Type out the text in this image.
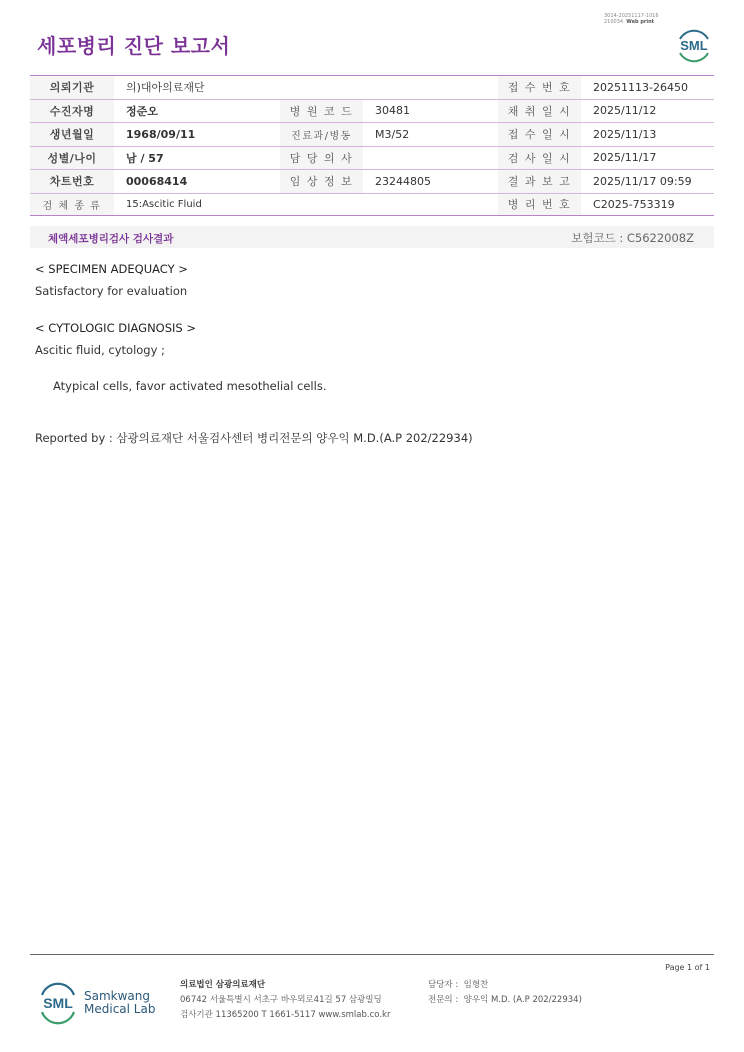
3014-20251117-1016
210034 Web print
세포병리 진단 보고서	SML
의뢰기관	의)대아의료재단			접 수 번 호	20251113-26450
수진자명	정준오	병 원 코 드	30481	채 취 일 시	2025/11/12
생년월일	1968/09/11	진료과/병동	M3/52	접 수 일 시	2025/11/13
성별/나이	남 / 57	담 당 의 사		검 사 일 시	2025/11/17
차트번호	00068414	임 상 정 보	23244805	결 과 보 고	2025/11/17 09:59
검 체 종 류	15:Ascitic Fluid			병 리 번 호	C2025-753319
체액세포병리검사 검사결과	보험코드 : C5622008Z
< SPECIMEN ADEQUACY >
Satisfactory for evaluation
< CYTOLOGIC DIAGNOSIS >
Ascitic fluid, cytology ;
Atypical cells, favor activated mesothelial cells.
Reported by : 삼광의료재단 서울검사센터 병리전문의 양우익 M.D.(A.P 202/22934)
Page 1 of 1
SML Samkwang
Medical Lab
의료법인 삼광의료재단
06742 서울특별시 서초구 바우뫼로41길 57 삼광빌딩
검사기관 11365200 T 1661-5117 www.smlab.co.kr
담당자 : 임형찬
전문의 : 양우익 M.D. (A.P 202/22934)
